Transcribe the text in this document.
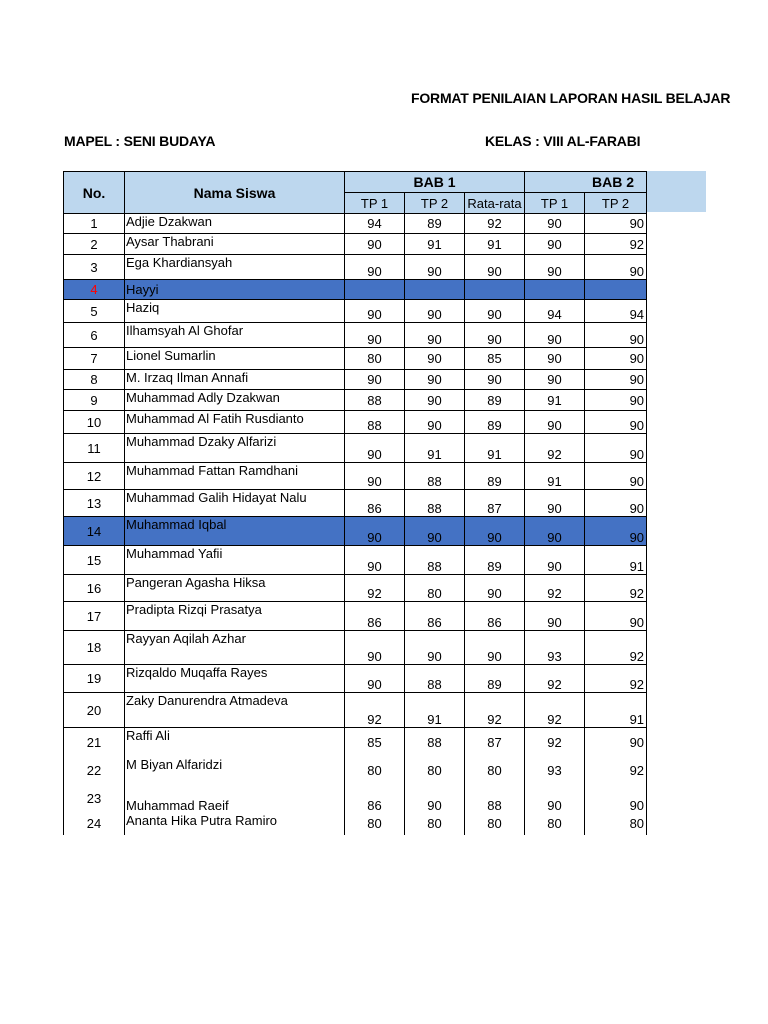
FORMAT PENILAIAN LAPORAN HASIL BELAJAR
MAPEL : SENI BUDAYA	KELAS : VIII AL-FARABI
No.	Nama Siswa	BAB 1			BAB 2	
		TP 1	TP 2	Rata-rata	TP 1	TP 2
1	Adjie Dzakwan	94	89	92	90	90
2	Aysar Thabrani	90	91	91	90	92
3	Ega Khardiansyah	90	90	90	90	90
4	Hayyi					
5	Haziq	90	90	90	94	94
6	Ilhamsyah Al Ghofar	90	90	90	90	90
7	Lionel Sumarlin	80	90	85	90	90
8	M. Irzaq Ilman Annafi	90	90	90	90	90
9	Muhammad Adly Dzakwan	88	90	89	91	90
10	Muhammad Al Fatih Rusdianto	88	90	89	90	90
11	Muhammad Dzaky Alfarizi	90	91	91	92	90
12	Muhammad Fattan Ramdhani	90	88	89	91	90
13	Muhammad Galih Hidayat Nalu	86	88	87	90	90
14	Muhammad Iqbal	90	90	90	90	90
15	Muhammad Yafii	90	88	89	90	91
16	Pangeran Agasha Hiksa	92	80	90	92	92
17	Pradipta Rizqi Prasatya	86	86	86	90	90
18	Rayyan Aqilah Azhar	90	90	90	93	92
19	Rizqaldo Muqaffa Rayes	90	88	89	92	92
20	Zaky Danurendra Atmadeva	92	91	92	92	91
21	Raffi Ali	85	88	87	92	90
22	M Biyan Alfaridzi	80	80	80	93	92
23	Muhammad Raeif	86	90	88	90	90
24	Ananta Hika Putra Ramiro	80	80	80	80	80
